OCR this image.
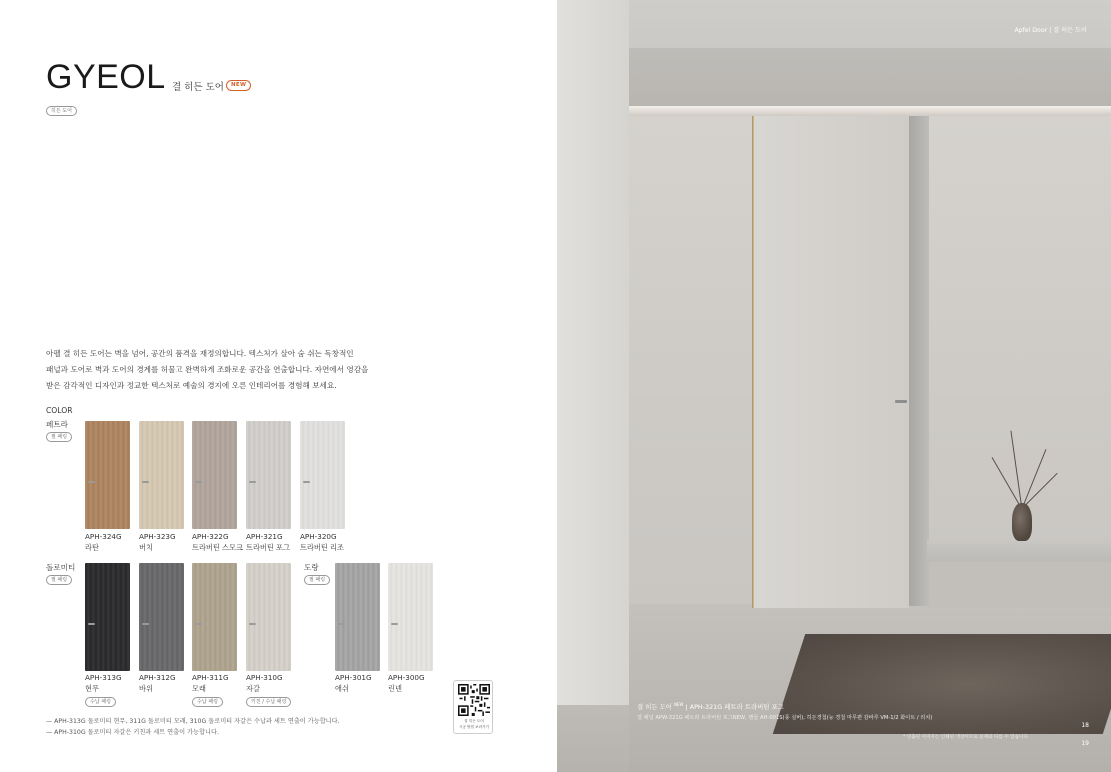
GYEOL 결 히든 도어	NEW
히든 도어
아펠 결 히든 도어는 벽을 넘어, 공간의 품격을 재정의합니다. 텍스처가 살아 숨 쉬는 독창적인
패널과 도어로 벽과 도어의 경계를 허물고 완벽하게 조화로운 공간을 연출합니다. 자연에서 영감을
받은 감각적인 디자인과 정교한 텍스처로 예술의 경지에 오른 인테리어를 경험해 보세요.
COLOR
페트라
필 패링
APH-324G
라탄
APH-323G
버치
APH-322G
트라버틴 스모크
APH-321G
트라버틴 포그
APH-320G
트라버틴 리조
돌로미티
필 패링
APH-313G
현무
수납 패링
APH-312G
바위
APH-311G
모래
수납 패링
APH-310G
자갈
키친 / 수납 패링
도랑
필 패링
APH-301G
애쉬
APH-300G
린넨
— APH-313G 돌로미티 현무, 311G 돌로미티 모래, 310G 돌로미티 자갈은 수납과 세트 연출이 가능합니다.
— APH-310G 돌로미티 자갈은 키친과 세트 연출이 가능합니다.
결 히든 도어
시공 방법 보러가기
Apfel Door | 결 히든 도어
결 히든 도어 $^{NEW}$ | APH-321G 페트라 트라버틴 포그
결 패널 APW-321G 페트라 트라버틴 포그NEW, 핸들 AH-001S(풍 실버), 히든경첩(능 경첩 마무편 감바루 VM-1/2 화이트 / 리치)
* 연출된 이미지는 인쇄된 색상이므로 실제와 다를 수 있습니다.
18
19
